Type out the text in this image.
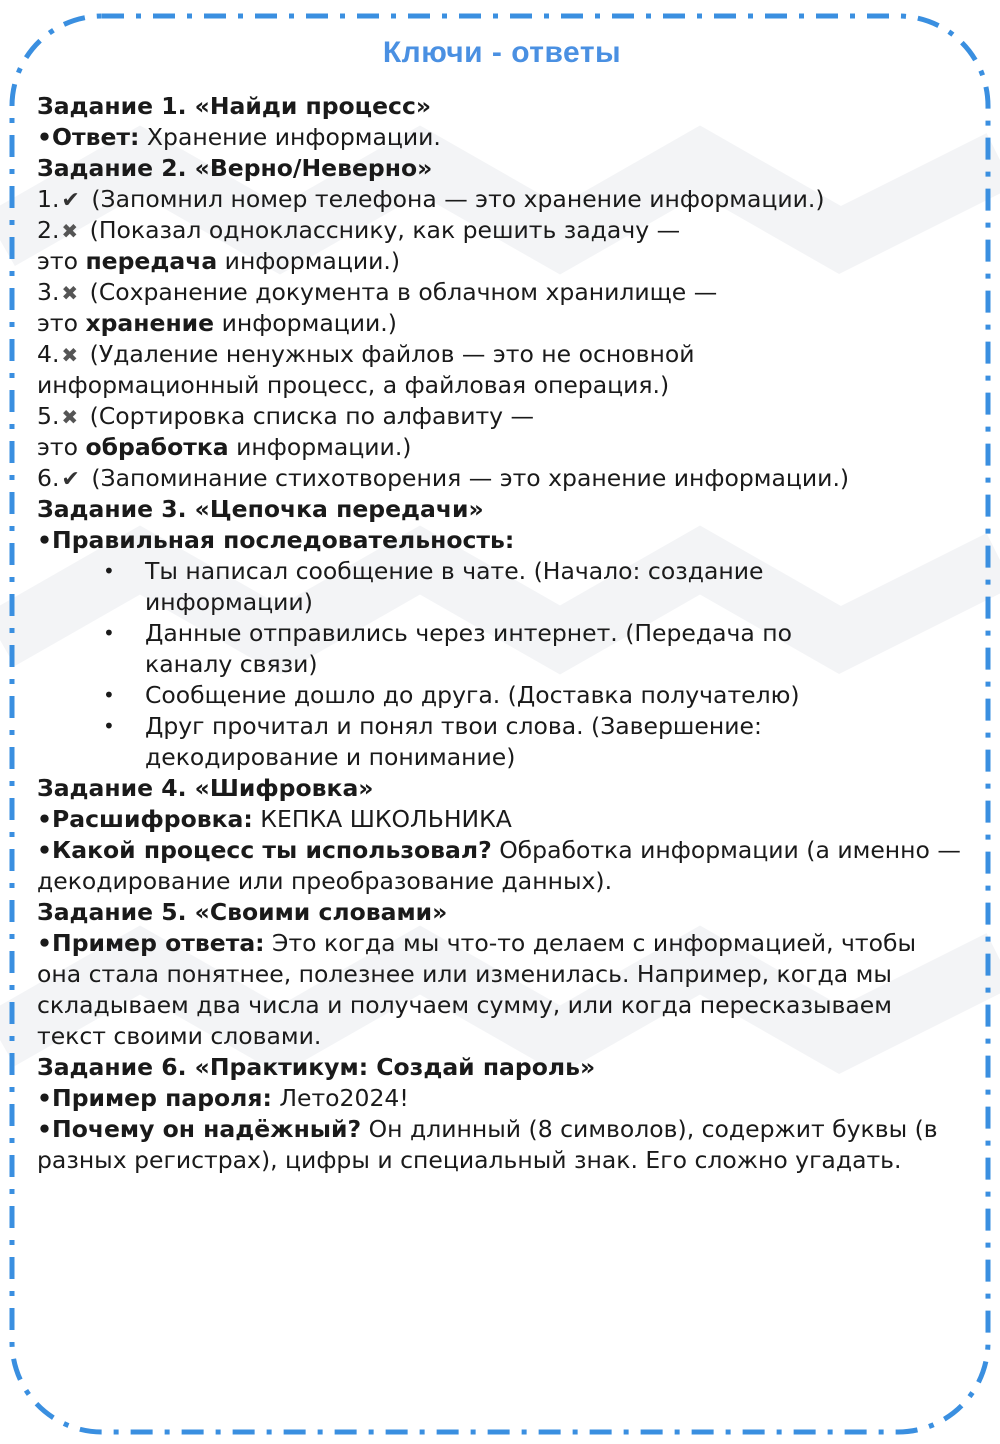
Ключи - ответы
Задание 1. «Найди процесс»
•Ответ: Хранение информации.
Задание 2. «Верно/Неверно»
1.✔ (Запомнил номер телефона — это хранение информации.)
2. ✖ (Показал однокласснику, как решить задачу —
это передача информации.)
3. ✖ (Сохранение документа в облачном хранилище —
это хранение информации.)
4. ✖ (Удаление ненужных файлов — это не основной
информационный процесс, а файловая операция.)
5. ✖ (Сортировка списка по алфавиту —
это обработка информации.)
6.✔ (Запоминание стихотворения — это хранение информации.)
Задание 3. «Цепочка передачи»
•Правильная последовательность:
• Ты написал сообщение в чате. (Начало: создание информации)
• Данные отправились через интернет. (Передача по каналу связи)
• Сообщение дошло до друга. (Доставка получателю)
• Друг прочитал и понял твои слова. (Завершение: декодирование и понимание)
Задание 4. «Шифровка»
•Расшифровка: КЕПКА ШКОЛЬНИКА
•Какой процесс ты использовал? Обработка информации (а именно — декодирование или преобразование данных).
Задание 5. «Своими словами»
•Пример ответа: Это когда мы что-то делаем с информацией, чтобы она стала понятнее, полезнее или изменилась. Например, когда мы складываем два числа и получаем сумму, или когда пересказываем текст своими словами.
Задание 6. «Практикум: Создай пароль»
•Пример пароля: Лето2024!
•Почему он надёжный? Он длинный (8 символов), содержит буквы (в разных регистрах), цифры и специальный знак. Его сложно угадать.
